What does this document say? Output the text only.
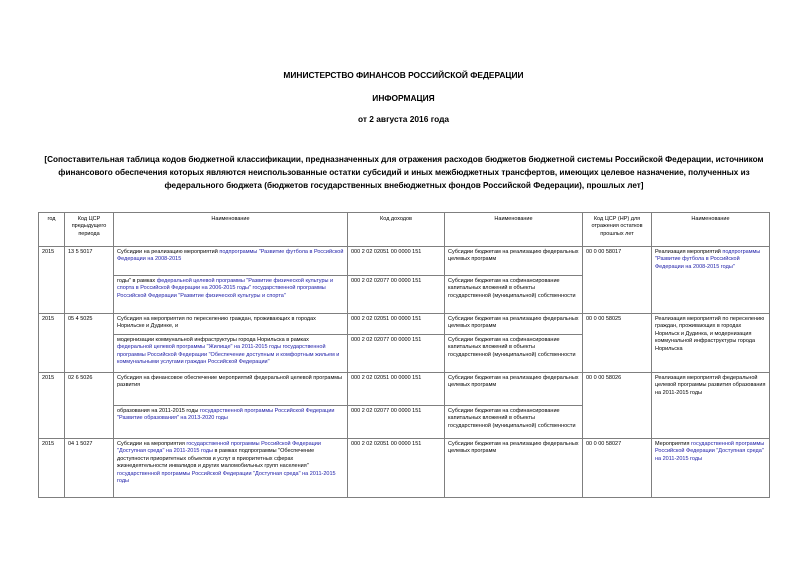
МИНИСТЕРСТВО ФИНАНСОВ РОССИЙСКОЙ ФЕДЕРАЦИИ
ИНФОРМАЦИЯ
от 2 августа 2016 года
[Сопоставительная таблица кодов бюджетной классификации, предназначенных для отражения расходов бюджетов бюджетной системы Российской Федерации, источником финансового обеспечения которых являются неиспользованные остатки субсидий и иных межбюджетных трансфертов, имеющих целевое назначение, полученных из федерального бюджета (бюджетов государственных внебюджетных фондов Российской Федерации), прошлых лет]
год	Код ЦСР предыдущего периода	Наименование	Код доходов	Наименование	Код ЦСР (НР) для отражения остатков прошлых лет	Наименование
2015	13 5 5017	Субсидии на реализацию мероприятий подпрограммы "Развитие футбола в Российской Федерации на 2008-2015	000 2 02 02051 00 0000 151	Субсидии бюджетам на реализацию федеральных целевых программ	00 0 00 58017	Реализация мероприятий подпрограммы "Развитие футбола в Российской Федерации на 2008-2015 годы"
		годы" в рамках федеральной целевой программы "Развитие физической культуры и спорта в Российской Федерации на 2006-2015 годы" государственной программы Российской Федерации "Развитие физической культуры и спорта"	000 2 02 02077 00 0000 151	Субсидии бюджетам на софинансирование капитальных вложений в объекты государственной (муниципальной) собственности		
2015	05 4 5025	Субсидия на мероприятия по переселению граждан, проживающих в городах Норильске и Дудинке, и	000 2 02 02051 00 0000 151	Субсидии бюджетам на реализацию федеральных целевых программ	00 0 00 58025	Реализация мероприятий по переселению граждан, проживающих в городах Норильск и Дудинка, и модернизация коммунальной инфраструктуры города Норильска
		модернизации коммунальной инфраструктуры города Норильска в рамках федеральной целевой программы "Жилище" на 2011-2015 годы государственной программы Российской Федерации "Обеспечение доступным и комфортным жильем и коммунальными услугами граждан Российской Федерации"	000 2 02 02077 00 0000 151	Субсидии бюджетам на софинансирование капитальных вложений в объекты государственной (муниципальной) собственности		
2015	02 6 5026	Субсидия на финансовое обеспечение мероприятий федеральной целевой программы развития	000 2 02 02051 00 0000 151	Субсидии бюджетам на реализацию федеральных целевых программ	00 0 00 58026	Реализация мероприятий федеральной целевой программы развития образования на 2011-2015 годы
		образования на 2011-2015 годы государственной программы Российской Федерации "Развитие образования" на 2013-2020 годы	000 2 02 02077 00 0000 151	Субсидии бюджетам на софинансирование капитальных вложений в объекты государственной (муниципальной) собственности		
2015	04 1 5027	Субсидии на мероприятия государственной программы Российской Федерации "Доступная среда" на 2011-2015 годы в рамках подпрограммы "Обеспечение доступности приоритетных объектов и услуг в приоритетных сферах жизнедеятельности инвалидов и других маломобильных групп населения" государственной программы Российской Федерации "Доступная среда" на 2011-2015 годы	000 2 02 02051 00 0000 151	Субсидии бюджетам на реализацию федеральных целевых программ	00 0 00 58027	Мероприятия государственной программы Российской Федерации "Доступная среда" на 2011-2015 годы
